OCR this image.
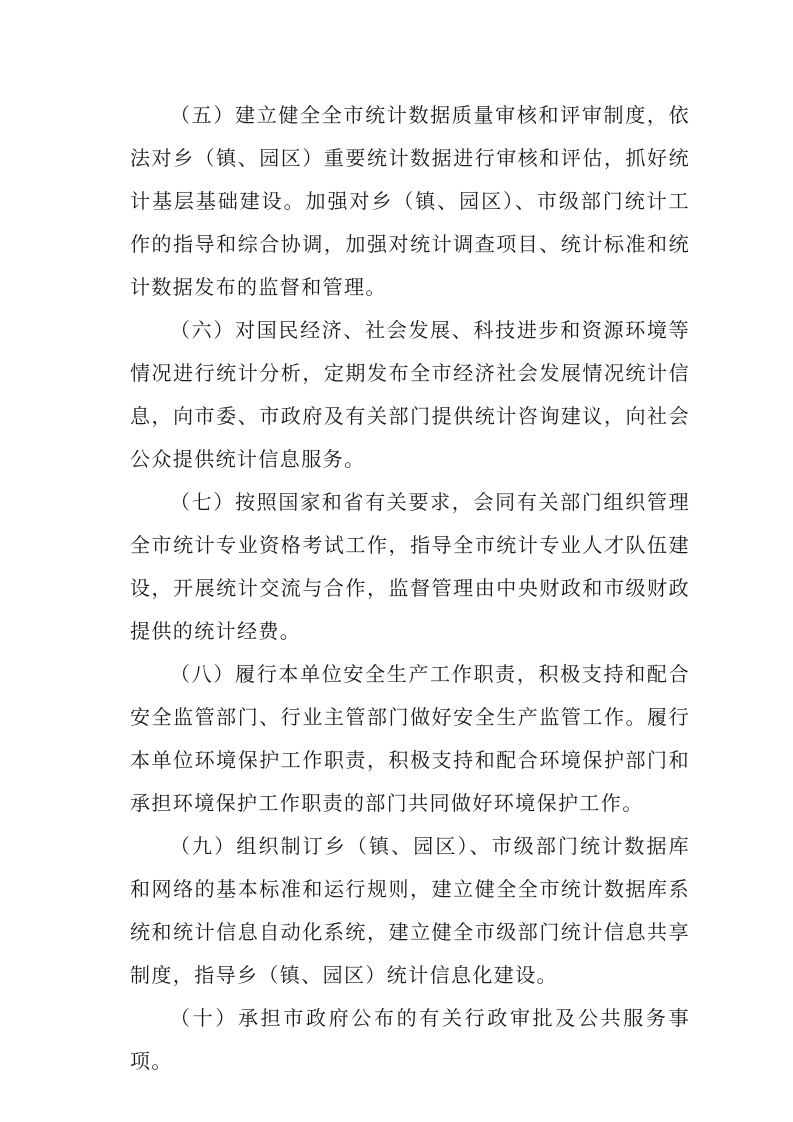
（五）建立健全全市统计数据质量审核和评审制度，依法对乡（镇、园区）重要统计数据进行审核和评估，抓好统计基层基础建设。加强对乡（镇、园区）、市级部门统计工作的指导和综合协调，加强对统计调查项目、统计标准和统计数据发布的监督和管理。

（六）对国民经济、社会发展、科技进步和资源环境等情况进行统计分析，定期发布全市经济社会发展情况统计信息，向市委、市政府及有关部门提供统计咨询建议，向社会公众提供统计信息服务。

（七）按照国家和省有关要求，会同有关部门组织管理全市统计专业资格考试工作，指导全市统计专业人才队伍建设，开展统计交流与合作，监督管理由中央财政和市级财政提供的统计经费。

（八）履行本单位安全生产工作职责，积极支持和配合安全监管部门、行业主管部门做好安全生产监管工作。履行本单位环境保护工作职责，积极支持和配合环境保护部门和承担环境保护工作职责的部门共同做好环境保护工作。

（九）组织制订乡（镇、园区）、市级部门统计数据库和网络的基本标准和运行规则，建立健全全市统计数据库系统和统计信息自动化系统，建立健全市级部门统计信息共享制度，指导乡（镇、园区）统计信息化建设。

（十）承担市政府公布的有关行政审批及公共服务事项。
